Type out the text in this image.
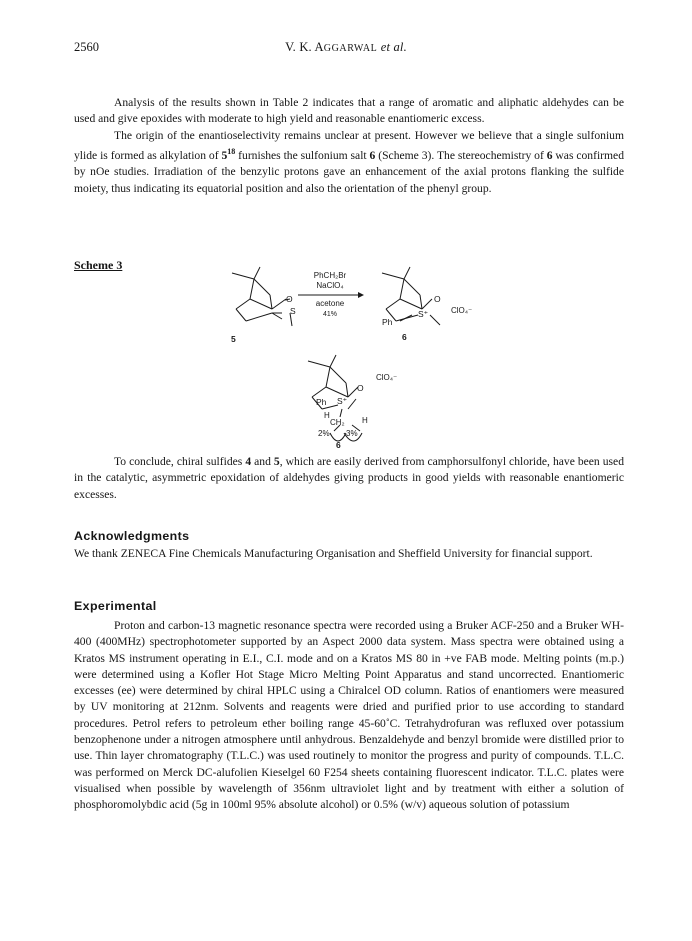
2560	V. K. AGGARWAL et al.
Analysis of the results shown in Table 2 indicates that a range of aromatic and aliphatic aldehydes can be used and give epoxides with moderate to high yield and reasonable enantiomeric excess.
The origin of the enantioselectivity remains unclear at present. However we believe that a single sulfonium ylide is formed as alkylation of $5^{18}$ furnishes the sulfonium salt 6 (Scheme 3). The stereochemistry of 6 was confirmed by nOe studies. Irradiation of the benzylic protons gave an enhancement of the axial protons flanking the sulfide moiety, thus indicating its equatorial position and also the orientation of the phenyl group.
Scheme 3
S
O
5
PhCH₂Br
NaClO₄
acetone
41%
O
S⁺
Ph
ClO₄⁻
6
O
S⁺
Ph
CH₂
H
H
ClO₄⁻
2% 3%
6
To conclude, chiral sulfides 4 and 5, which are easily derived from camphorsulfonyl chloride, have been used in the catalytic, asymmetric epoxidation of aldehydes giving products in good yields with reasonable enantiomeric excesses.
Acknowledgments
We thank ZENECA Fine Chemicals Manufacturing Organisation and Sheffield University for financial support.
Experimental
Proton and carbon-13 magnetic resonance spectra were recorded using a Bruker ACF-250 and a Bruker WH-400 (400MHz) spectrophotometer supported by an Aspect 2000 data system. Mass spectra were obtained using a Kratos MS instrument operating in E.I., C.I. mode and on a Kratos MS 80 in +ve FAB mode. Melting points (m.p.) were determined using a Kofler Hot Stage Micro Melting Point Apparatus and stand uncorrected. Enantiomeric excesses (ee) were determined by chiral HPLC using a Chiralcel OD column. Ratios of enantiomers were measured by UV monitoring at 212nm. Solvents and reagents were dried and purified prior to use according to standard procedures. Petrol refers to petroleum ether boiling range 45-60˚C. Tetrahydrofuran was refluxed over potassium benzophenone under a nitrogen atmosphere until anhydrous. Benzaldehyde and benzyl bromide were distilled prior to use. Thin layer chromatography (T.L.C.) was used routinely to monitor the progress and purity of compounds. T.L.C. was performed on Merck DC-alufolien Kieselgel 60 F254 sheets containing fluorescent indicator. T.L.C. plates were visualised when possible by wavelength of 356nm ultraviolet light and by treatment with either a solution of phosphoromolybdic acid (5g in 100ml 95% absolute alcohol) or 0.5% (w/v) aqueous solution of potassium
